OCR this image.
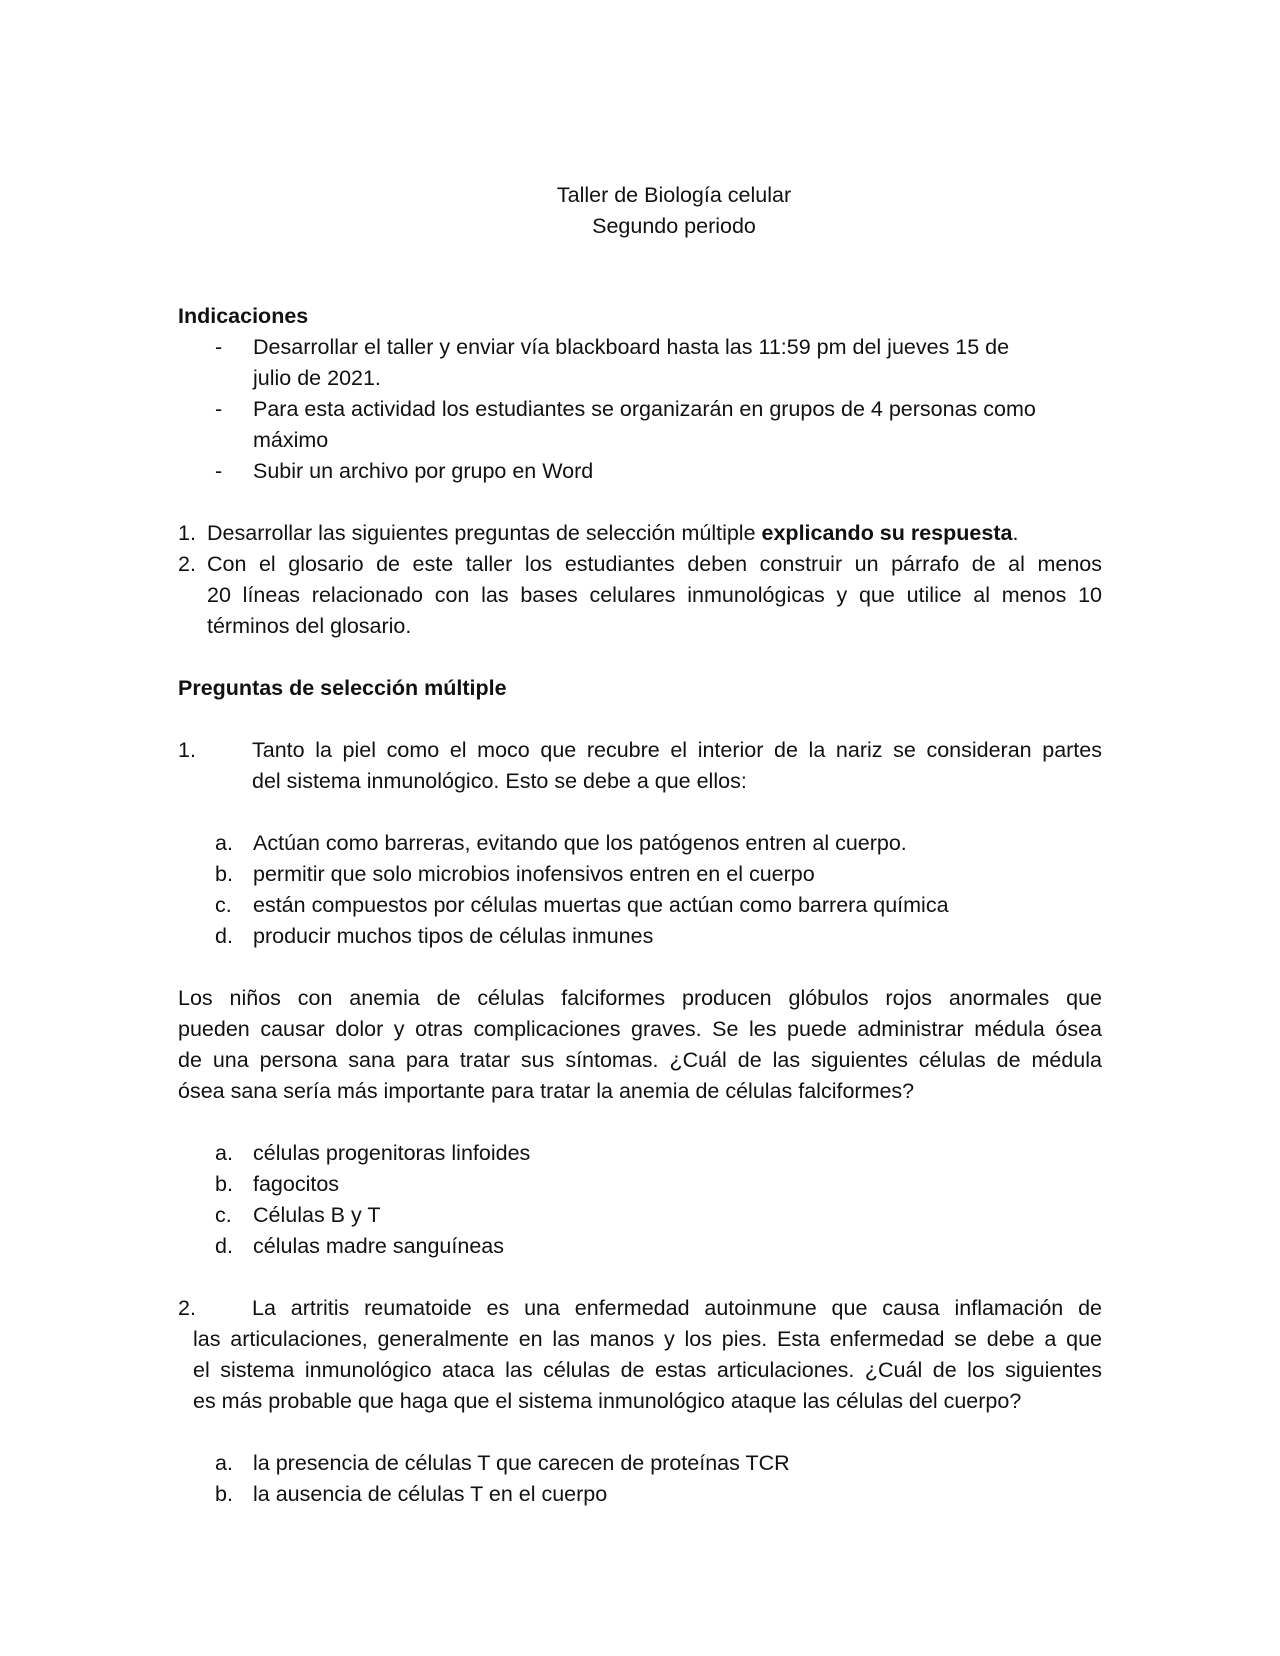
Taller de Biología celular
Segundo periodo
Indicaciones
- Desarrollar el taller y enviar vía blackboard hasta las 11:59 pm del jueves 15 de
julio de 2021.
- Para esta actividad los estudiantes se organizarán en grupos de 4 personas como
máximo
- Subir un archivo por grupo en Word
1. Desarrollar las siguientes preguntas de selección múltiple explicando su respuesta.
2. Con el glosario de este taller los estudiantes deben construir un párrafo de al menos
20 líneas relacionado con las bases celulares inmunológicas y que utilice al menos 10
términos del glosario.
Preguntas de selección múltiple
1.	Tanto la piel como el moco que recubre el interior de la nariz se consideran partes
del sistema inmunológico. Esto se debe a que ellos:
a. Actúan como barreras, evitando que los patógenos entren al cuerpo.
b. permitir que solo microbios inofensivos entren en el cuerpo
c. están compuestos por células muertas que actúan como barrera química
d. producir muchos tipos de células inmunes
Los niños con anemia de células falciformes producen glóbulos rojos anormales que
pueden causar dolor y otras complicaciones graves. Se les puede administrar médula ósea
de una persona sana para tratar sus síntomas. ¿Cuál de las siguientes células de médula
ósea sana sería más importante para tratar la anemia de células falciformes?
a. células progenitoras linfoides
b. fagocitos
c. Células B y T
d. células madre sanguíneas
2.	La artritis reumatoide es una enfermedad autoinmune que causa inflamación de
las articulaciones, generalmente en las manos y los pies. Esta enfermedad se debe a que
el sistema inmunológico ataca las células de estas articulaciones. ¿Cuál de los siguientes
es más probable que haga que el sistema inmunológico ataque las células del cuerpo?
a. la presencia de células T que carecen de proteínas TCR
b. la ausencia de células T en el cuerpo
